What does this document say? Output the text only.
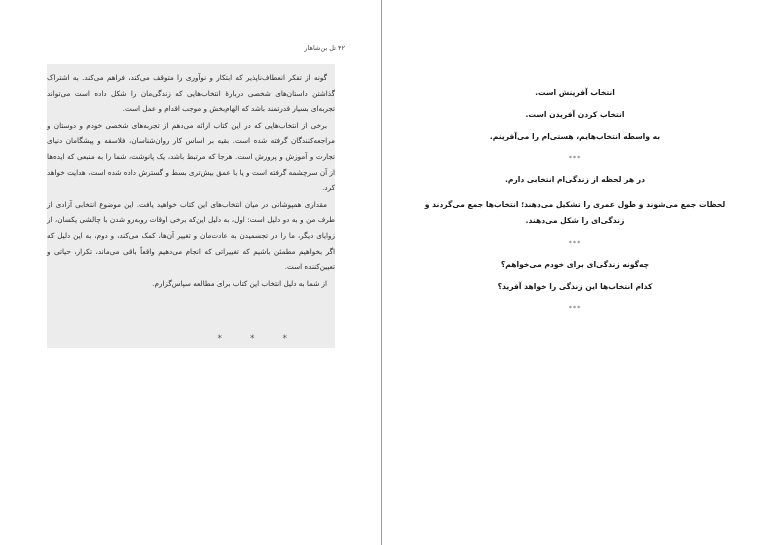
۴۲ تل بن‌شاهار

گونه از تفکر انعطاف‌ناپذیر که ابتکار و نوآوری را متوقف می‌کند، فراهم می‌کند. به اشتراک گذاشتن داستان‌های شخصی دربارهٔ انتخاب‌هایی که زندگی‌مان را شکل داده است می‌تواند تجربه‌ای بسیار قدرتمند باشد که الهام‌بخش و موجب اقدام و عمل است.

برخی از انتخاب‌هایی که در این کتاب ارائه می‌دهم از تجربه‌های شخصی خودم و دوستان و مراجعه‌کنندگان گرفته شده است. بقیه بر اساس کار روان‌شناسان، فلاسفه و پیشگامان دنیای تجارت و آموزش و پرورش است. هرجا که مرتبط باشد، یک پانوشت، شما را به منبعی که ایده‌ها از آن سرچشمه گرفته است و یا با عمق بیش‌تری بسط و گسترش داده شده است، هدایت خواهد کرد.

مقداری همپوشانی در میان انتخاب‌های این کتاب خواهید یافت. این موضوع انتخابی آزادی از طرف من و به دو دلیل است: اول، به دلیل این‌که برخی اوقات روبه‌رو شدن با چالشی یکسان، از زوایای دیگر، ما را در تجسمیدن به عادت‌مان و تغییر آن‌ها، کمک می‌کند، و دوم، به این دلیل که اگر بخواهیم مطمئن باشیم که تغییراتی که انجام می‌دهیم واقعاً باقی می‌ماند، تکرار، حیاتی و تعیین‌کننده است.

از شما به دلیل انتخاب این کتاب برای مطالعه سپاس‌گزارم.

*	*	*

انتخاب آفرینش است.

انتخاب کردن آفریدن است.

به واسطه انتخاب‌هایم، هستی‌ام را می‌آفرینم.

***

در هر لحظه از زندگی‌ام انتخابی دارم.

لحظات جمع می‌شوند و طول عمری را تشکیل می‌دهند؛ انتخاب‌ها جمع می‌گردند و زندگی‌ای را شکل می‌دهند.

***

چه‌گونه زندگی‌ای برای خودم می‌خواهم؟

کدام انتخاب‌ها این زندگی را خواهد آفرید؟

***
